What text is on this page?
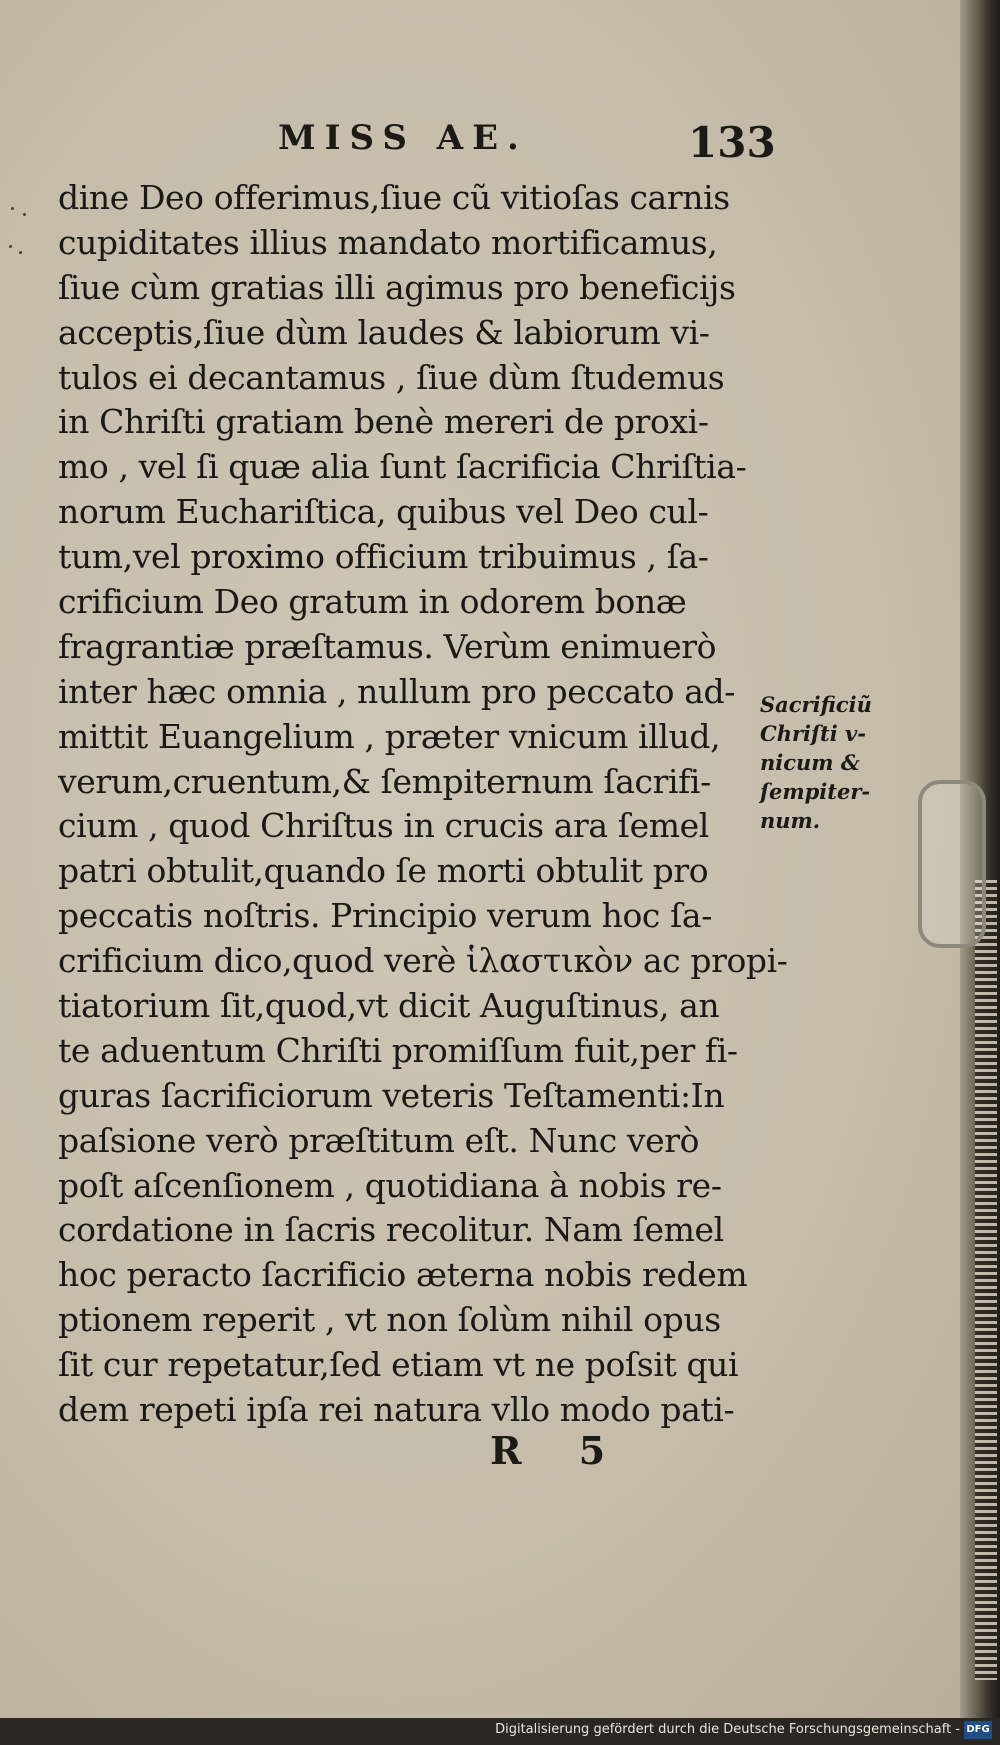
MISS AE.	133
dine Deo offerimus,ſiue cũ vitioſas carnis
cupiditates illius mandato mortificamus,
ſiue cùm gratias illi agimus pro beneficijs
acceptis,ſiue dùm laudes & labiorum vi-
tulos ei decantamus , ſiue dùm ſtudemus
in Chriſti gratiam benè mereri de proxi-
mo , vel ſi quæ alia ſunt ſacrificia Chriſtia-
norum Euchariſtica, quibus vel Deo cul-
tum,vel proximo officium tribuimus , ſa-
crificium Deo gratum in odorem bonæ
fragrantiæ præſtamus. Verùm enimuerò
inter hæc omnia , nullum pro peccato ad-
mittit Euangelium , præter vnicum illud,
verum,cruentum,& ſempiternum ſacrifi-
cium , quod Chriſtus in crucis ara ſemel
patri obtulit,quando ſe morti obtulit pro
peccatis noſtris. Principio verum hoc ſa-
crificium dico,quod verè ἱλαστικὸν ac propi-
tiatorium ſit,quod,vt dicit Auguſtinus, an
te aduentum Chriſti promiſſum fuit,per fi-
guras ſacrificiorum veteris Teſtamenti:In
paſsione verò præſtitum eſt. Nunc verò
poſt aſcenſionem , quotidiana à nobis re-
cordatione in ſacris recolitur. Nam ſemel
hoc peracto ſacrificio æterna nobis redem
ptionem reperit , vt non ſolùm nihil opus
ſit cur repetatur,ſed etiam vt ne poſsit qui
dem repeti ipſa rei natura vllo modo pati-
Sacrificiũ
Chriſti v-
nicum &
ſempiter-
num.
R 5
Digitalisierung gefördert durch die Deutsche Forschungsgemeinschaft - DFG
